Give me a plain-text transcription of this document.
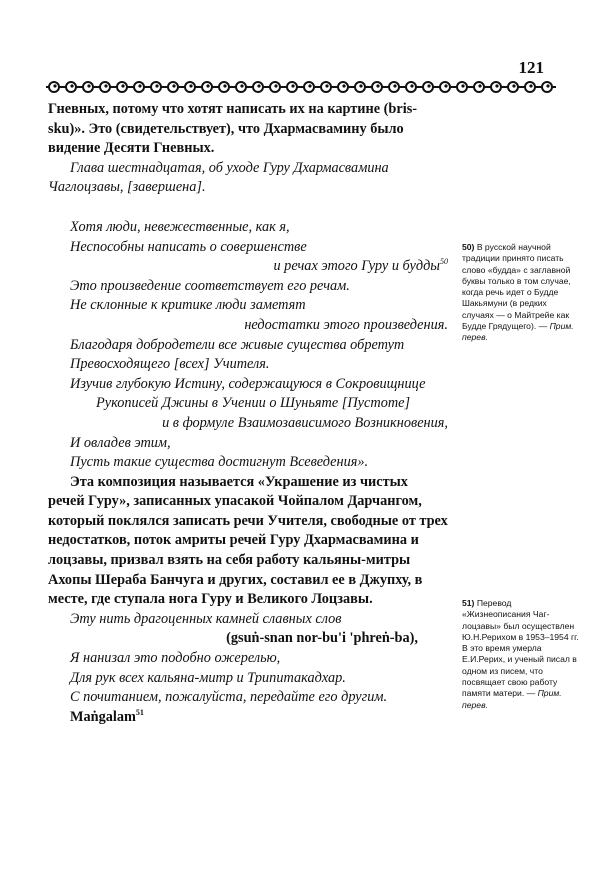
121

Гневных, потому что хотят написать их на картине (bris-sku)». Это (свидетельствует), что Дхармасвамину было видение Десяти Гневных.

Глава шестнадцатая, об уходе Гуру Дхармасвамина Чаглоцзавы, [завершена].

Хотя люди, невежественные, как я,
Неспособны написать о совершенстве
и речах этого Гуру и будды$^{50}$
Это произведение соответствует его речам.
Не склонные к критике люди заметят
недостатки этого произведения.
Благодаря добродетели все живые существа обретут
Превосходящего [всех] Учителя.
Изучив глубокую Истину, содержащуюся в Сокровищнице
Рукописей Джины в Учении о Шуньяте [Пустоте]
и в формуле Взаимозависимого Возникновения,
И овладев этим,
Пусть такие существа достигнут Всеведения».

Эта композиция называется «Украшение из чистых речей Гуру», записанных упасакой Чойпалом Дарчангом, который поклялся записать речи Учителя, свободные от трех недостатков, поток амриты речей Гуру Дхармасвамина и лоцзавы, призвал взять на себя работу кальяны-митры Ахопы Шераба Банчуга и других, составил ее в Джупху, в месте, где ступала нога Гуру и Великого Лоцзавы.

Эту нить драгоценных камней славных слов
(gsuṅ-snan nor-bu'i 'phreṅ-ba),
Я нанизал это подобно ожерелью,
Для рук всех кальяна-митр и Трипитакадхар.
С почитанием, пожалуйста, передайте его другим.
Maṅgalam$^{51}$
50) В русской научной традиции принято писать слово «будда» с заглавной буквы только в том случае, когда речь идет о Будде Шакьямуни (в редких случаях — о Майтрейе как Будде Грядущего). — Прим. перев.
51) Перевод «Жизнеописания Чаг-лоцзавы» был осуществлен Ю.Н.Рерихом в 1953–1954 гг. В это время умерла Е.И.Рерих, и ученый писал в одном из писем, что посвящает свою работу памяти матери. — Прим. перев.
